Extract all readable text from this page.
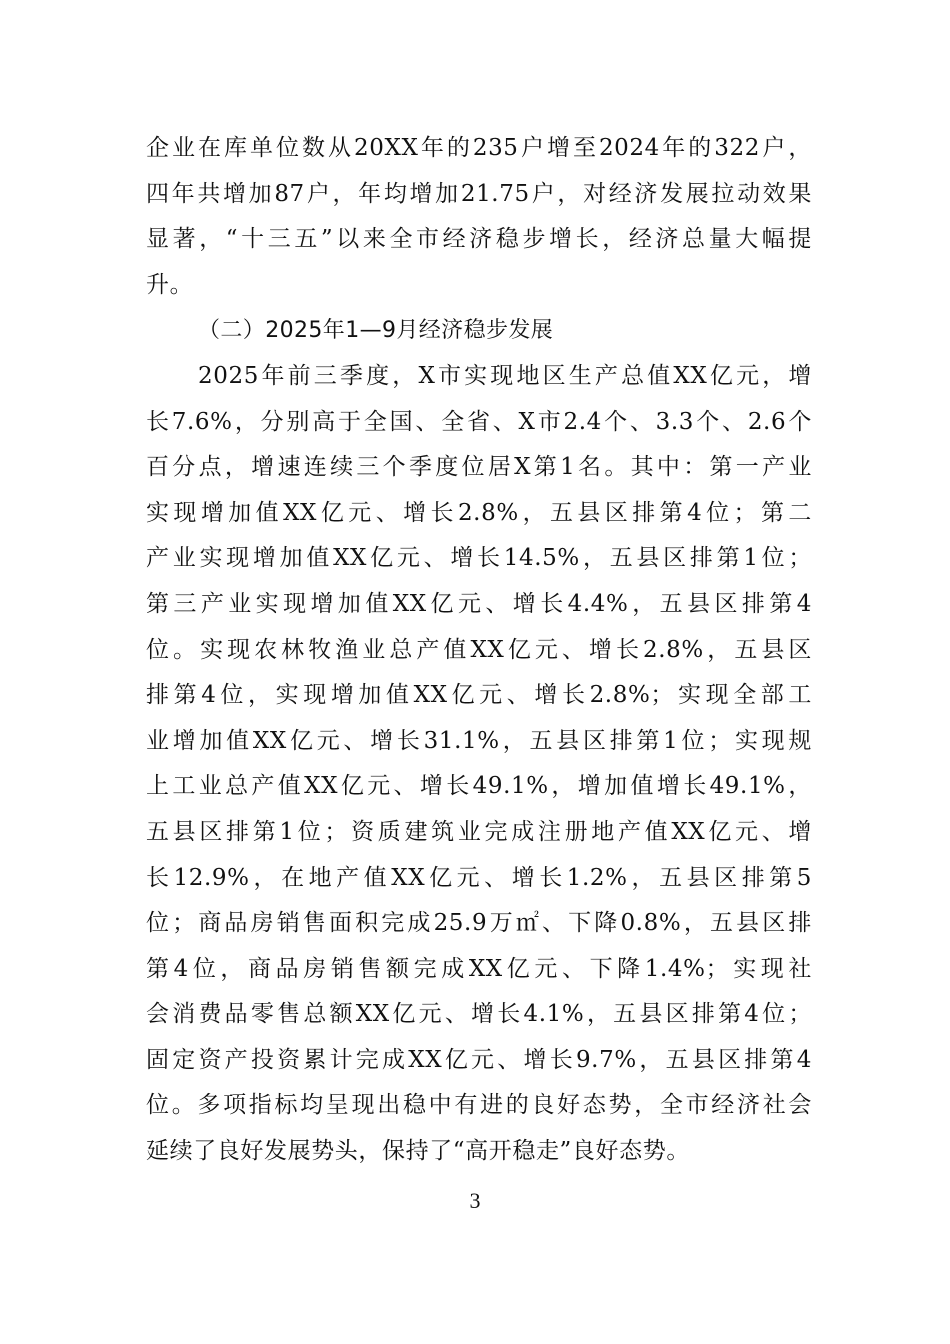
企业在库单位数从20XX年的235户增至2024年的322户，
四年共增加87户，年均增加21.75户，对经济发展拉动效果
显著，“十三五”以来全市经济稳步增长，经济总量大幅提
升。
（二）2025年1—9月经济稳步发展
2025年前三季度，X市实现地区生产总值XX亿元，增
长7.6%，分别高于全国、全省、X市2.4个、3.3个、2.6个
百分点，增速连续三个季度位居X第1名。其中：第一产业
实现增加值XX亿元、增长2.8%，五县区排第4位；第二
产业实现增加值XX亿元、增长14.5%，五县区排第1位；
第三产业实现增加值XX亿元、增长4.4%，五县区排第4
位。实现农林牧渔业总产值XX亿元、增长2.8%，五县区
排第4位，实现增加值XX亿元、增长2.8%；实现全部工
业增加值XX亿元、增长31.1%，五县区排第1位；实现规
上工业总产值XX亿元、增长49.1%，增加值增长49.1%，
五县区排第1位；资质建筑业完成注册地产值XX亿元、增
长12.9%，在地产值XX亿元、增长1.2%，五县区排第5
位；商品房销售面积完成25.9万㎡、下降0.8%，五县区排
第4位，商品房销售额完成XX亿元、下降1.4%；实现社
会消费品零售总额XX亿元、增长4.1%，五县区排第4位；
固定资产投资累计完成XX亿元、增长9.7%，五县区排第4
位。多项指标均呈现出稳中有进的良好态势，全市经济社会
延续了良好发展势头，保持了“高开稳走”良好态势。
3
